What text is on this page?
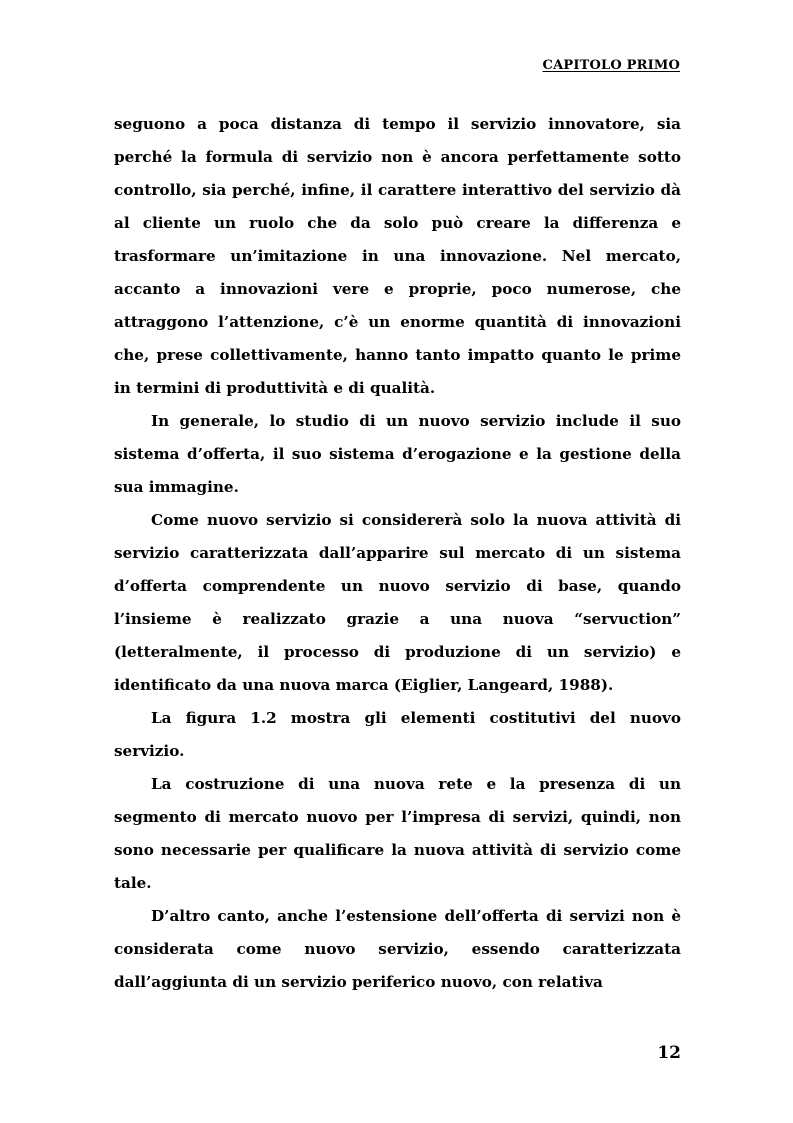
CAPITOLO PRIMO

seguono a poca distanza di tempo il servizio innovatore, sia perché la formula di servizio non è ancora perfettamente sotto controllo, sia perché, infine, il carattere interattivo del servizio dà al cliente un ruolo che da solo può creare la differenza e trasformare un’imitazione in una innovazione. Nel mercato, accanto a innovazioni vere e proprie, poco numerose, che attraggono l’attenzione, c’è un enorme quantità di innovazioni che, prese collettivamente, hanno tanto impatto quanto le prime in termini di produttività e di qualità.

In generale, lo studio di un nuovo servizio include il suo sistema d’offerta, il suo sistema d’erogazione e la gestione della sua immagine.

Come nuovo servizio si considererà solo la nuova attività di servizio caratterizzata dall’apparire sul mercato di un sistema d’offerta comprendente un nuovo servizio di base, quando l’insieme è realizzato grazie a una nuova “servuction” (letteralmente, il processo di produzione di un servizio) e identificato da una nuova marca (Eiglier, Langeard, 1988).

La figura 1.2 mostra gli elementi costitutivi del nuovo servizio.

La costruzione di una nuova rete e la presenza di un segmento di mercato nuovo per l’impresa di servizi, quindi, non sono necessarie per qualificare la nuova attività di servizio come tale.

D’altro canto, anche l’estensione dell’offerta di servizi non è considerata come nuovo servizio, essendo caratterizzata dall’aggiunta di un servizio periferico nuovo, con relativa

12
